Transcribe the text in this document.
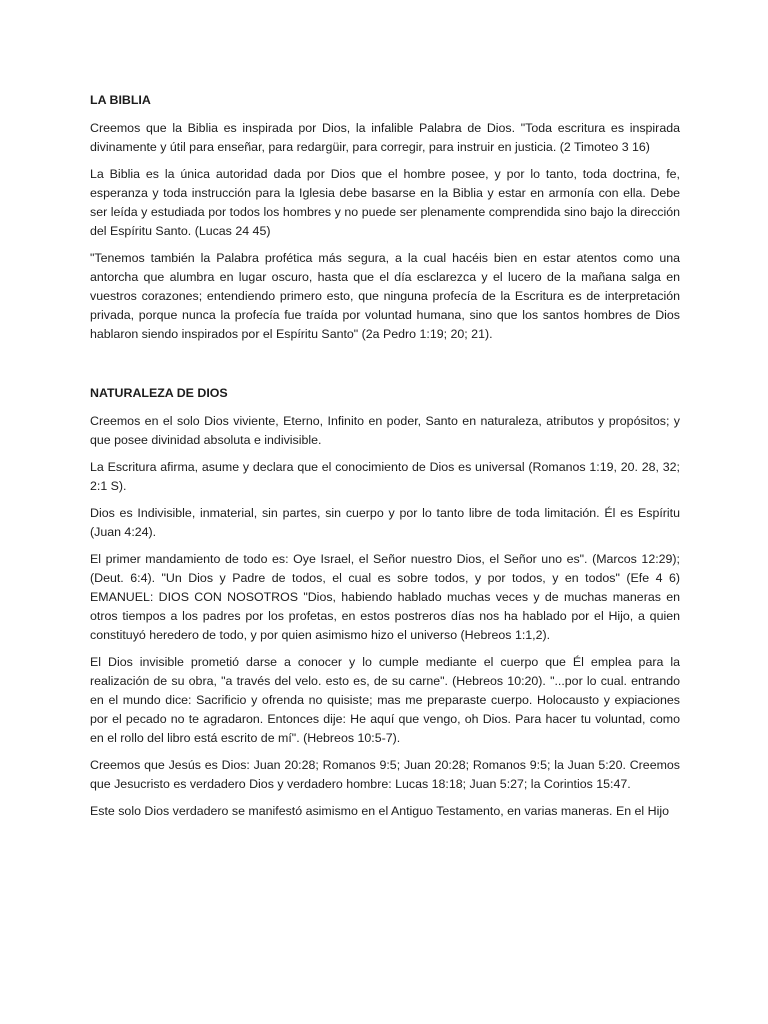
LA BIBLIA

Creemos que la Biblia es inspirada por Dios, la infalible Palabra de Dios. "Toda escritura es inspirada divinamente y útil para enseñar, para redargüir, para corregir, para instruir en justicia. (2 Timoteo 3 16)

La Biblia es la única autoridad dada por Dios que el hombre posee, y por lo tanto, toda doctrina, fe, esperanza y toda instrucción para la Iglesia debe basarse en la Biblia y estar en armonía con ella. Debe ser leída y estudiada por todos los hombres y no puede ser plenamente comprendida sino bajo la dirección del Espíritu Santo. (Lucas 24 45)

"Tenemos también la Palabra profética más segura, a la cual hacéis bien en estar atentos como una antorcha que alumbra en lugar oscuro, hasta que el día esclarezca y el lucero de la mañana salga en vuestros corazones; entendiendo primero esto, que ninguna profecía de la Escritura es de interpretación privada, porque nunca la profecía fue traída por voluntad humana, sino que los santos hombres de Dios hablaron siendo inspirados por el Espíritu Santo" (2a Pedro 1:19; 20; 21).

NATURALEZA DE DIOS

Creemos en el solo Dios viviente, Eterno, Infinito en poder, Santo en naturaleza, atributos y propósitos; y que posee divinidad absoluta e indivisible.

La Escritura afirma, asume y declara que el conocimiento de Dios es universal (Romanos 1:19, 20. 28, 32; 2:1 S).

Dios es Indivisible, inmaterial, sin partes, sin cuerpo y por lo tanto libre de toda limitación. Él es Espíritu (Juan 4:24).

El primer mandamiento de todo es: Oye Israel, el Señor nuestro Dios, el Señor uno es". (Marcos 12:29); (Deut. 6:4). "Un Dios y Padre de todos, el cual es sobre todos, y por todos, y en todos" (Efe 4 6) EMANUEL: DIOS CON NOSOTROS "Dios, habiendo hablado muchas veces y de muchas maneras en otros tiempos a los padres por los profetas, en estos postreros días nos ha hablado por el Hijo, a quien constituyó heredero de todo, y por quien asimismo hizo el universo (Hebreos 1:1,2).

El Dios invisible prometió darse a conocer y lo cumple mediante el cuerpo que Él emplea para la realización de su obra, "a través del velo. esto es, de su carne". (Hebreos 10:20). "...por lo cual. entrando en el mundo dice: Sacrificio y ofrenda no quisiste; mas me preparaste cuerpo. Holocausto y expiaciones por el pecado no te agradaron. Entonces dije: He aquí que vengo, oh Dios. Para hacer tu voluntad, como en el rollo del libro está escrito de mí". (Hebreos 10:5-7).

Creemos que Jesús es Dios: Juan 20:28; Romanos 9:5; Juan 20:28; Romanos 9:5; la Juan 5:20. Creemos que Jesucristo es verdadero Dios y verdadero hombre: Lucas 18:18; Juan 5:27; la Corintios 15:47.

Este solo Dios verdadero se manifestó asimismo en el Antiguo Testamento, en varias maneras. En el Hijo
